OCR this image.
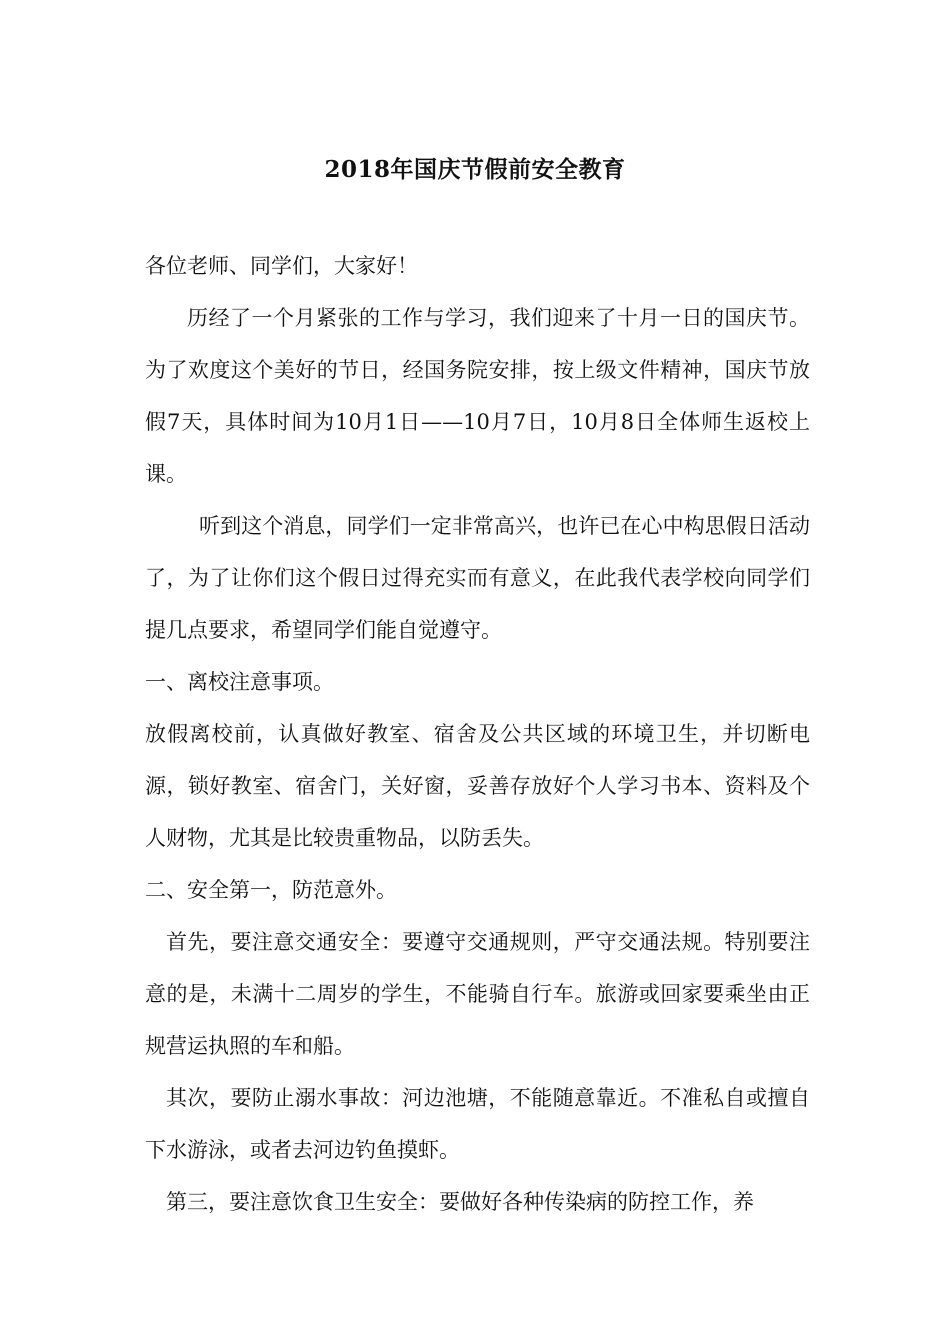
2018年国庆节假前安全教育

各位老师、同学们，大家好！

历经了一个月紧张的工作与学习，我们迎来了十月一日的国庆节。为了欢度这个美好的节日，经国务院安排，按上级文件精神，国庆节放假7天，具体时间为10月1日——10月7日，10月8日全体师生返校上课。

听到这个消息，同学们一定非常高兴，也许已在心中构思假日活动了，为了让你们这个假日过得充实而有意义，在此我代表学校向同学们提几点要求，希望同学们能自觉遵守。

一、离校注意事项。

放假离校前，认真做好教室、宿舍及公共区域的环境卫生，并切断电源，锁好教室、宿舍门，关好窗，妥善存放好个人学习书本、资料及个人财物，尤其是比较贵重物品，以防丢失。

二、安全第一，防范意外。

首先，要注意交通安全：要遵守交通规则，严守交通法规。特别要注意的是，未满十二周岁的学生，不能骑自行车。旅游或回家要乘坐由正规营运执照的车和船。

其次，要防止溺水事故：河边池塘，不能随意靠近。不准私自或擅自下水游泳，或者去河边钓鱼摸虾。

第三，要注意饮食卫生安全：要做好各种传染病的防控工作，养
